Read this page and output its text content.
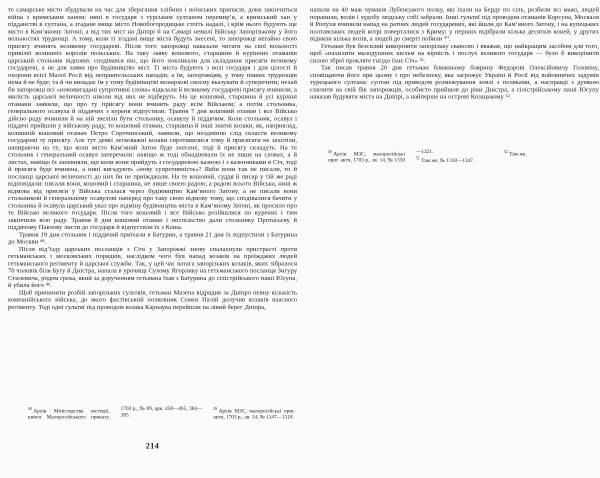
те самарське місто збудували на час для зберігання хлібних і воїнських припасів, доки закінчиться війна з кримським ханом; нині в государя з турським султаном перемир’я, а кримський хан у підданстві в султана, а згадане вище місто Новобогородицьке стоїть надалі, і крім нього будують ще місто в Кам’яному Затоні; а від тих міст на Дніпрі й на Самарі немалі Війську Запорізькому у його вольностях труднощі. А тому, коли ті згадані вище міста будуть знесені, то запорожці негайно свою присягу вчинять великому государеві. Після того запорожці наказали читати на свої вольності привілеї колишніх королів польських. На таку заяву кошового, старшини й курінних отаманів царський стольник відповів: сподівався він, що його покликали для складання присяги великому государеві, а не для заяви про будівництво міст. Ті міста будують з волі государя і для цілості й охорони всієї Малої Росії від неприятельських нападів; а їм, запорожцям, у тому ніяких труднощів нема й не буде; та й чи випадає їм у тому будівництві монархові своєму вказувати й суперечити; нехай би запорожці всі «нововигадані супротивні слова» відклали й великому государеві присягу вчинили, а милість царської величності ніколи від них не відберуть. На це кошовий, старшина й усі курінні отамани заявили, що про ту присягу вони вчинять раду всім Військом; а потім стольника, генерального осавула й піддячих з куреня відпустили. Травня 7 дня кошовий отаман і все Військо дійсно раду вчинили й на ній звеліли бути стольнику, осавулу й піддячим. Коли стольник, осавул і піддячі прийшли у військову раду, то кошовий отаман, старшина й інші знатні козаки, як, наприклад, колишній кошовий отаман Петро Сорочинський, заявили, що неодмінно слід скласти великому государеві ту присягу. Але тут деякі легковажні козаки спротивилися тому й присягати не захотіли, напираючи на те, що коли місто Кам’яний Затон буде знесене, тоді й присягу складуть. На те стольник і генеральний осавул заперечили: навіщо ж тоді обнадіювали їх не лише на словах, а й листах, навіщо їх запевняли, що коли вони прийдуть з государевою казною і з казенниками в Січ, тоді й присяга буде вчинена, а нині вигадують «нову супротивність»? Якби вони так не писали, то й посланці царської величності до них би не приїжджали. На те кошовий, суддя й писар у тій же раді відповідали: писали вони, кошовий і старшина, не лише своєю радою, а радою всього Війська, нині ж відмова від присяги у Війська сталася через будівництво Кам’яного Затону, а не писали вони стольникові й генеральному осавулові наперед про таку свою відмову тому, що сподівалися бачити у стольника й осавула царський указ про відміну будівництва міста в Кам’яному Затоні, як просило про те Військо великого государя. Після того кошовий і все Військо розійшлися по куренях і тим закінчили всю раду. Травня 8 дня кошовий отаман і поспільство дали стольнику Протасьєву й піддячому Павлову листи до государя й відпустили їх з Коша.

Травня 19 дня стольник і піддячий приїхали в Батурин, а травня 21 дня їх відпустили з Батурина до Москви ⁴⁸.

Після від’їзду царських посланців з Січі у Запоріжжі знову спалахнули пристрасті проти гетьманських і московських порядків, наслідком чого був напад козаків на проїжджих людей гетьманського регіменту й царської служби. Так, у цей час ватага запорізьких козаків, яких зібралося 70 чоловік біля Бугу й Дністра, напала в урочищі Сухому Ягорлику на гетьманського посланця Зигуру Стилевича, родом грека, який за дорученням гетьмана їхав з Батурина до сілістрійського паші Юсупа, й убила його ⁴⁹.

Щоб припинити розбій запорізьких гультяїв, гетьман Мазепа відрядив за Дніпро певну кількість компанійського війська, до якого фастівський полковник Семен Палій долучив козаків власного регіменту. Тоді одні гультяї під проводом козака Карнаука перейшли на лівий берег Дніпра,

$^{48}$ Архів Міністерства юстиції, книги Малоросійського приказу, 1703 р., № 89, арк. 458—465, 384—385.
$^{49}$ Архів МЗС, малоросійські ориг. акти, 1703 р., зв. 14, № 1347—1318.
214

напали на 40 маж чумаків Лубенського полку, які їхали на Берду по сіль, розбили всі мажі, людей поранили, волів і худобу людську собі забрали. Інші гультяї під проводом отаманів Корсуна, Москаля й Ропухи вчинили напад на ратних людей государевих, які йшли до Кам’яного Затону, і на купецьких полтавських людей котрі поверталися з Криму; у перших відібрали кілька десятків коней, у других відняли кілька возів, а людей до смерті побили ⁵⁰.

Гетьман був безсилий викорінити запорізьку сваволю і вважав, що найкращим засобом для того, щоб «нахилити малодушних шельм на вірність і послух великого государя — було б викорінити силою зброї прокляте гніздо їхнє Січ» ⁵¹.

Так писав травня 20 дня гетьман ближньому боярину Федорові Олексійовичу Головіну, сповіщаючи його при цьому і про небезпеку, яка загрожує Україні й Росії від войовничих задумів турецького султана: султан під приводом розмежування землі з поляками, а насправді з думкою схилити на свій бік запорожців, особисто прийшов до ріки Дністра, а сілістрійському паші Юсупу наказав будувати міста на Дніпрі, а найперше на острові Козацькому ⁵².

$^{50}$ Архів МЗС, малоросійські ориг. акти, 1703 р., зв. 14, № 1350—1321.
$^{51}$ Там же, № 1318—1347.
$^{52}$ Там же.
